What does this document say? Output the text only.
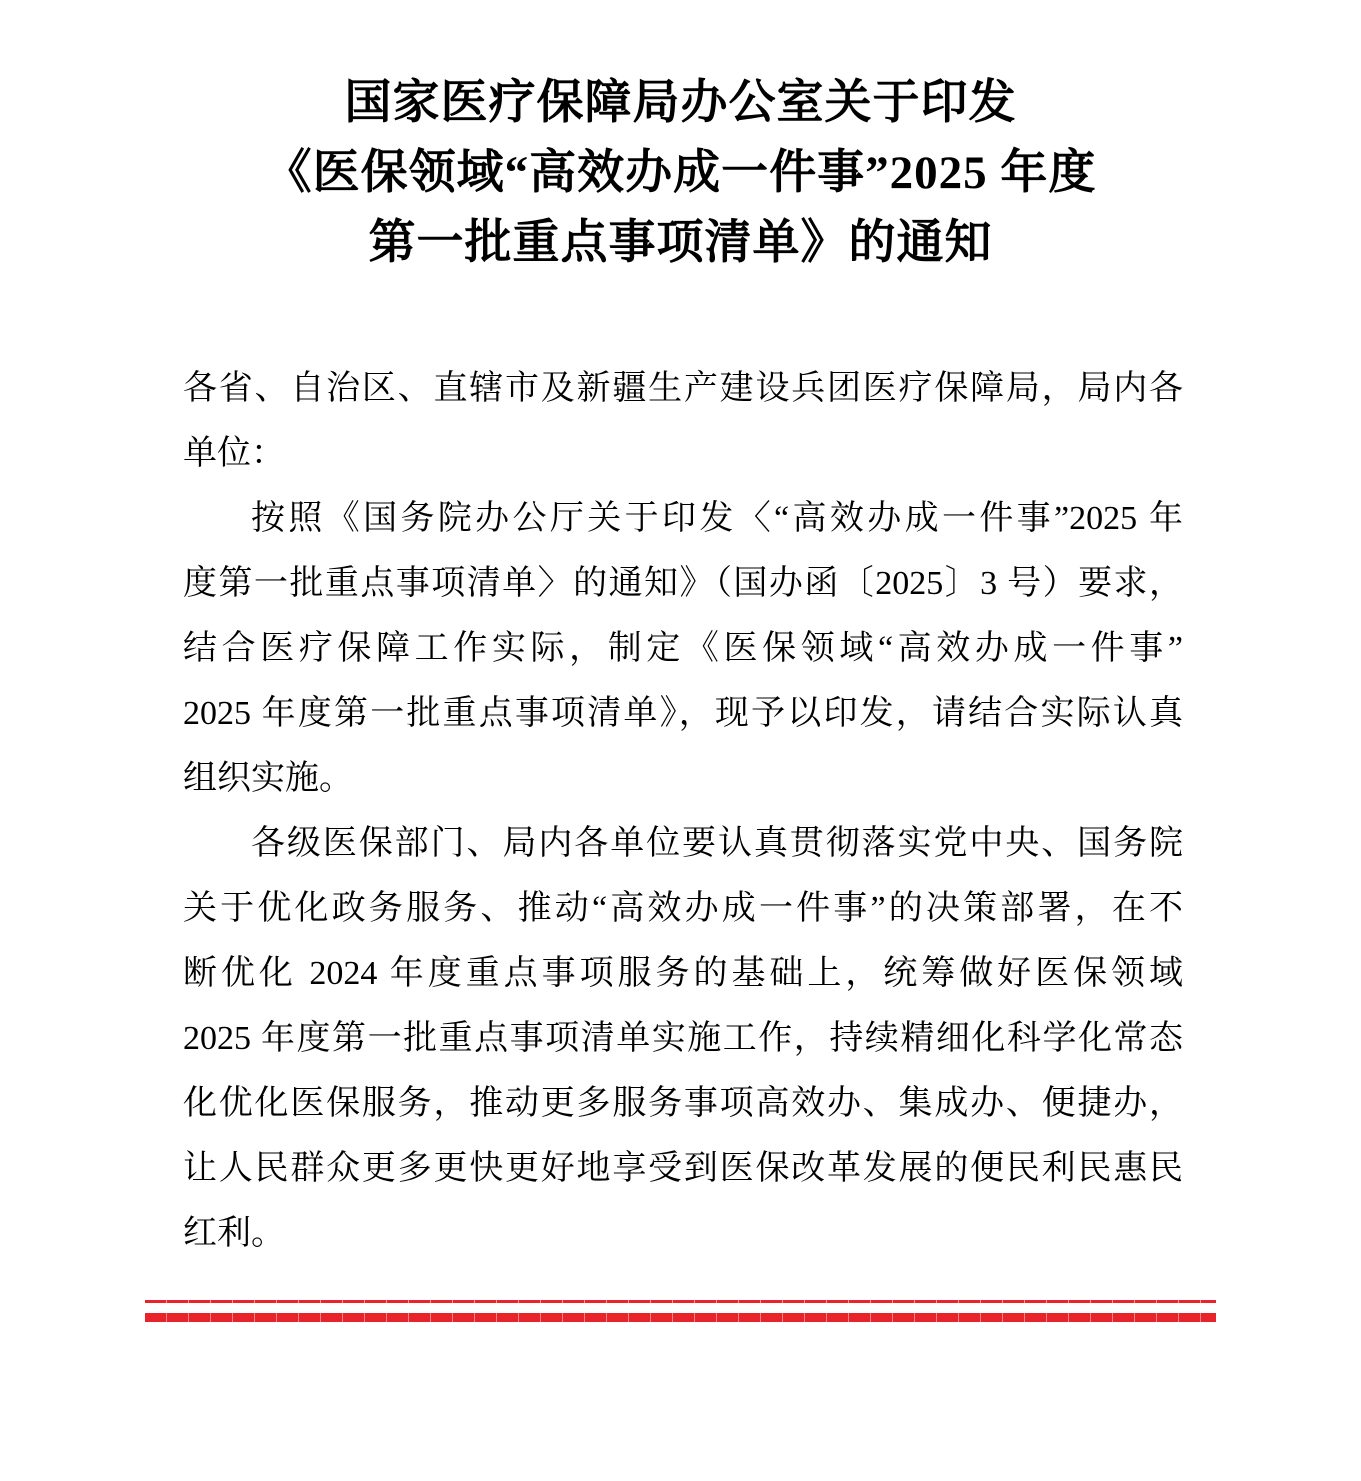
国家医疗保障局办公室关于印发
《医保领域“高效办成一件事”2025 年度
第一批重点事项清单》的通知
各省、自治区、直辖市及新疆生产建设兵团医疗保障局，局内各
单位：
按照《国务院办公厅关于印发〈“高效办成一件事”2025 年
度第一批重点事项清单〉的通知》（国办函〔2025〕3 号）要求，
结合医疗保障工作实际，制定《医保领域“高效办成一件事”
2025 年度第一批重点事项清单》，现予以印发，请结合实际认真
组织实施。
各级医保部门、局内各单位要认真贯彻落实党中央、国务院
关于优化政务服务、推动“高效办成一件事”的决策部署，在不
断优化 2024 年度重点事项服务的基础上，统筹做好医保领域
2025 年度第一批重点事项清单实施工作，持续精细化科学化常态
化优化医保服务，推动更多服务事项高效办、集成办、便捷办，
让人民群众更多更快更好地享受到医保改革发展的便民利民惠民
红利。
